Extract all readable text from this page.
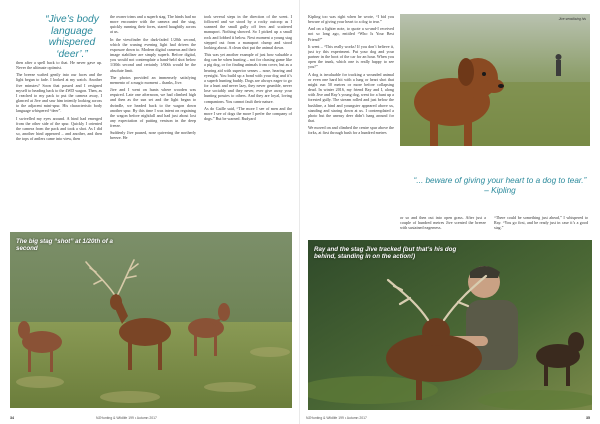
“Jive’s body language whispered ‘deer’.”

then after a spell back to that. He never gave up. Never the ultimate optimist.

The breeze wafted gently into our faces and the light began to fade. I looked at my watch. Another five minutes? Soon that passed and I resigned myself to heading back to the 4WD wagon. Then, as I reached to my pack to put the camera away, I glanced at Jive and saw him intently looking across to the adjacent mini-spur. His characteristic body language whispered “deer”.

I swivelled my eyes around. A hind had emerged from the other side of the spur. Quickly I oriented the camera from the pack and took a shot. As I did so, another hind appeared – and another, and then the tops of antlers came into view, then

the owner trims and a superb stag. The hinds had no more encounter with the camera and the stag, quickly running their fores, stared haughtily across at us.

In the viewfinder the dark-faded 1/20th second, which the waning evening light had driven the exposure down to. Modern digital cameras and their image stabiliser are simply superb. Before digital, you would not contemplate a hand-held shot below 1/30th second and certainly 1/60th would be the absolute limit.

The photos provided an immensely satisfying memento of a magic moment – thanks, Jive.

Jive and I went on hunts where wooden was required. Late one afternoon, we had climbed high and then as the sun set and the light began to dwindle, we headed back to the wagon down another spur. By this time I was intent on regaining the wagon before nightfall and had just about lost any expectation of putting venison in the deep freeze.

Suddenly Jive paused, nose quivering the northerly breeze. He

took several steps in the direction of the scent. I followed and we stood by a rocky outcrop as I scanned the small gully off fern and scattered manuport. Nothing showed. So I picked up a small rock and lobbed it below. Next moment a young stag stepped out from a manuport clump and stood looking about. A clean shot put the animal down.

This was yet another example of just how valuable a dog can be when hunting – not for chasing game like a pig dog, or for finding animals from cover, but as a hearing aid with superior senses – nose, hearing and eyesight. You build up a bond with your dog and it’s a superb hunting buddy. Dogs are always eager to go for a hunt and never lazy, they never grumble, never lose sociably and they never, ever give away your hunting possies to others. And they are loyal, loving companions. You cannot fault their nature.

As do Gaille said, “The more I see of men and the more I see of dogs the more I prefer the company of dogs.” But be warned. Rudyard

The big stag “shot” at 1/20th of a second
34	NZHunting & Wildlife 199 • Autumn 2017

Kipling too was right when he wrote, “I bid you beware of giving your heart to a dog to tear.”

And on a lighter note, to quote a so-and-I received not so long ago, entitled “Who Is Your Best Friend?”

It went – “This really works! If you don’t believe it, just try this experiment. Put your dog and your partner in the boot of the car for an hour. When you open the trunk, which one is really happy to see you?”

A dog is invaluable for tracking a wounded animal or even one hard hit with a lung or heart shot that might run 50 metres or more before collapsing dead. In winter 2016, my friend Ray and I, along with Jive and Ray’s young dog, went for a hunt up a forested gully. The stream rolled and just below the bushline, a hind and youngster appeared above us, standing and staring down at us. I contemplated a photo but the uneasy deer didn’t hang around for that.

We moved on and climbed the centre spur above the forks, at first through bush for a hundred metres

Jive sensitising his
“... beware of giving your heart to a dog to tear.” – Kipling

or so and then out into open grass. After just a couple of hundred metres Jive scented the breeze with sustained eagerness.

“There could be something just ahead,” I whispered to Ray. “You go first, and be ready just in case it’s a good stag.”

Ray and the stag Jive tracked (but that’s his dog behind, standing in on the action!)
NZHunting & Wildlife 199 • Autumn 2017	35
